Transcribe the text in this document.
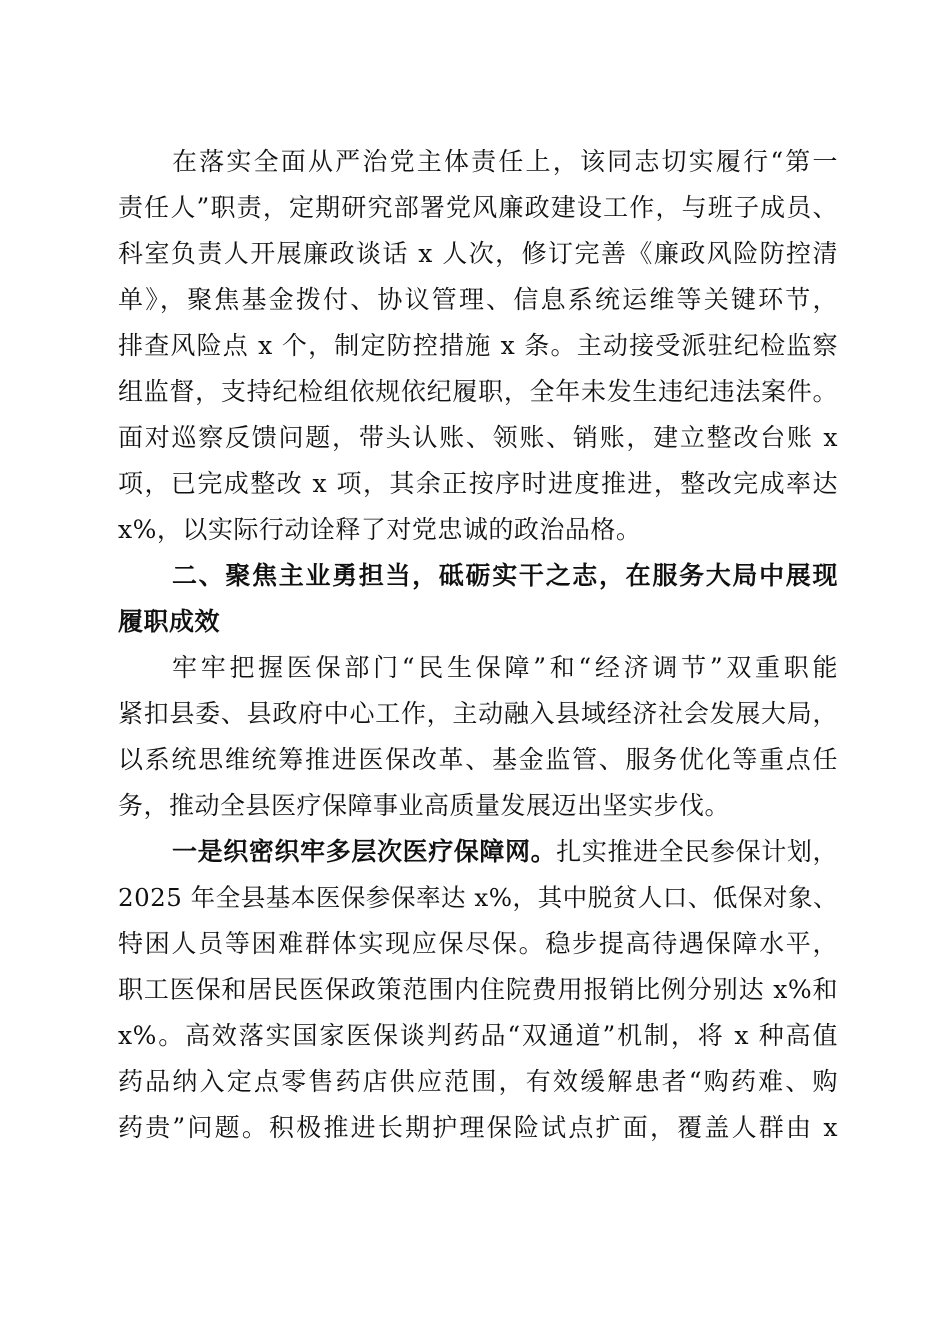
在落实全面从严治党主体责任上，该同志切实履行“第一
责任人”职责，定期研究部署党风廉政建设工作，与班子成员、
科室负责人开展廉政谈话 x 人次，修订完善《廉政风险防控清
单》，聚焦基金拨付、协议管理、信息系统运维等关键环节，
排查风险点 x 个，制定防控措施 x 条。主动接受派驻纪检监察
组监督，支持纪检组依规依纪履职，全年未发生违纪违法案件。
面对巡察反馈问题，带头认账、领账、销账，建立整改台账 x
项，已完成整改 x 项，其余正按序时进度推进，整改完成率达
x%，以实际行动诠释了对党忠诚的政治品格。
二、聚焦主业勇担当，砥砺实干之志，在服务大局中展现
履职成效
牢牢把握医保部门“民生保障”和“经济调节”双重职能
紧扣县委、县政府中心工作，主动融入县域经济社会发展大局，
以系统思维统筹推进医保改革、基金监管、服务优化等重点任
务，推动全县医疗保障事业高质量发展迈出坚实步伐。
一是织密织牢多层次医疗保障网。扎实推进全民参保计划，
2025 年全县基本医保参保率达 x%，其中脱贫人口、低保对象、
特困人员等困难群体实现应保尽保。稳步提高待遇保障水平，
职工医保和居民医保政策范围内住院费用报销比例分别达 x%和
x%。高效落实国家医保谈判药品“双通道”机制，将 x 种高值
药品纳入定点零售药店供应范围，有效缓解患者“购药难、购
药贵”问题。积极推进长期护理保险试点扩面，覆盖人群由 x
